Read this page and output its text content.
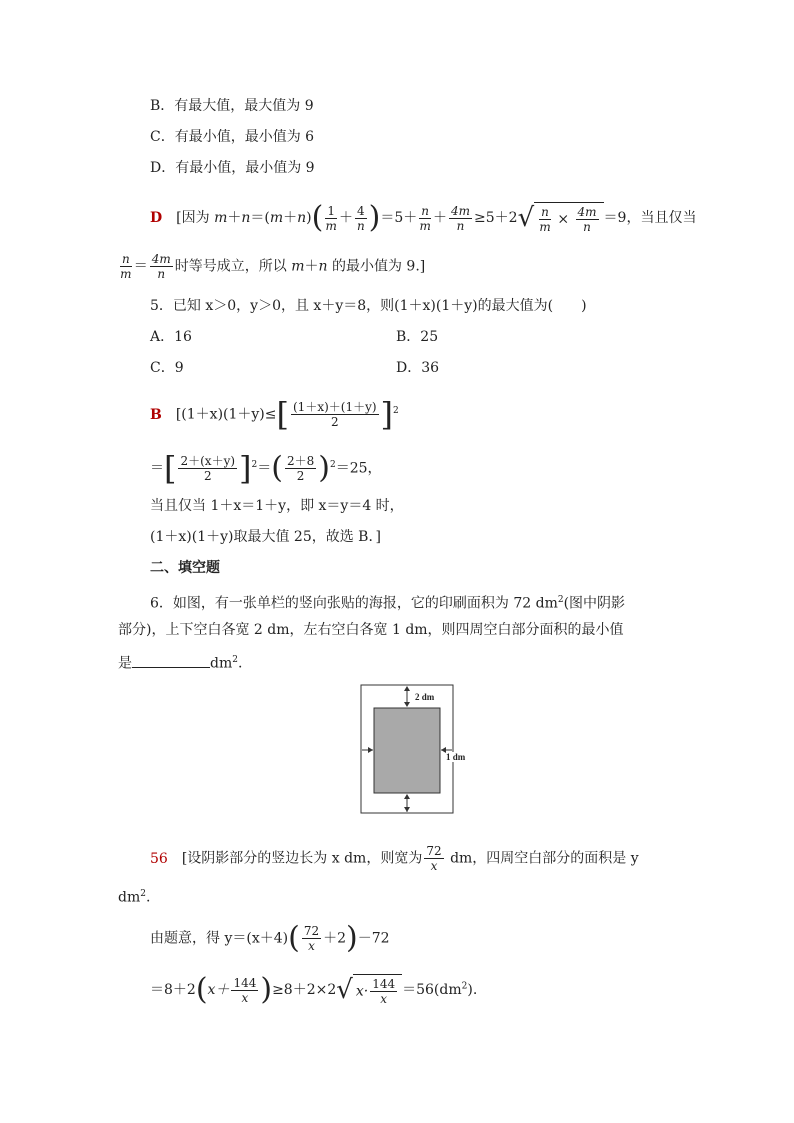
B．有最大值，最大值为 9
C．有最小值，最小值为 6
D．有最小值，最小值为 9
D [因为 $m+n=(m+n)( \frac{1}{m} + \frac{4}{n} )=5+ \frac{n}{m} + \frac{4m}{n} \ge 5+2√ \frac{n}{m} \times \frac{4m}{n} =9$，当且仅当
$\frac{n}{m} = \frac{4m}{n}$ 时等号成立，所以 m＋n 的最小值为 9.]
5．已知 x＞0，y＞0，且 x＋y＝8，则(1＋x)(1＋y)的最大值为(　　)
A．16	B．25
C．9	D．36
B [$(1+x)(1+y)\le[ \frac{(1+x)+(1+y)}{2} ]^2$
＝[ $\frac{2+(x+y)}{2} ]^2=( \frac{2+8}{2} )^2=25$，
当且仅当 1＋x＝1＋y，即 x＝y＝4 时，
(1＋x)(1＋y)取最大值 25，故选 B．]
二、填空题
6．如图，有一张单栏的竖向张贴的海报，它的印刷面积为 72 $dm^2$(图中阴影
部分)，上下空白各宽 2 dm，左右空白各宽 1 dm，则四周空白部分面积的最小值
是	$dm^2$.
2 dm
1 dm
56 [设阴影部分的竖边长为 x dm，则宽为 $\frac{72}{x}$ dm，四周空白部分的面积是 y
$dm^2$.
由题意，得 $y=(x+4)( \frac{72}{x} +2)-72$
$=8+2(x+ \frac{144}{x} )\ge 8+2\times 2√$ $x\cdot \frac{144}{x} =56(dm^2)$.
